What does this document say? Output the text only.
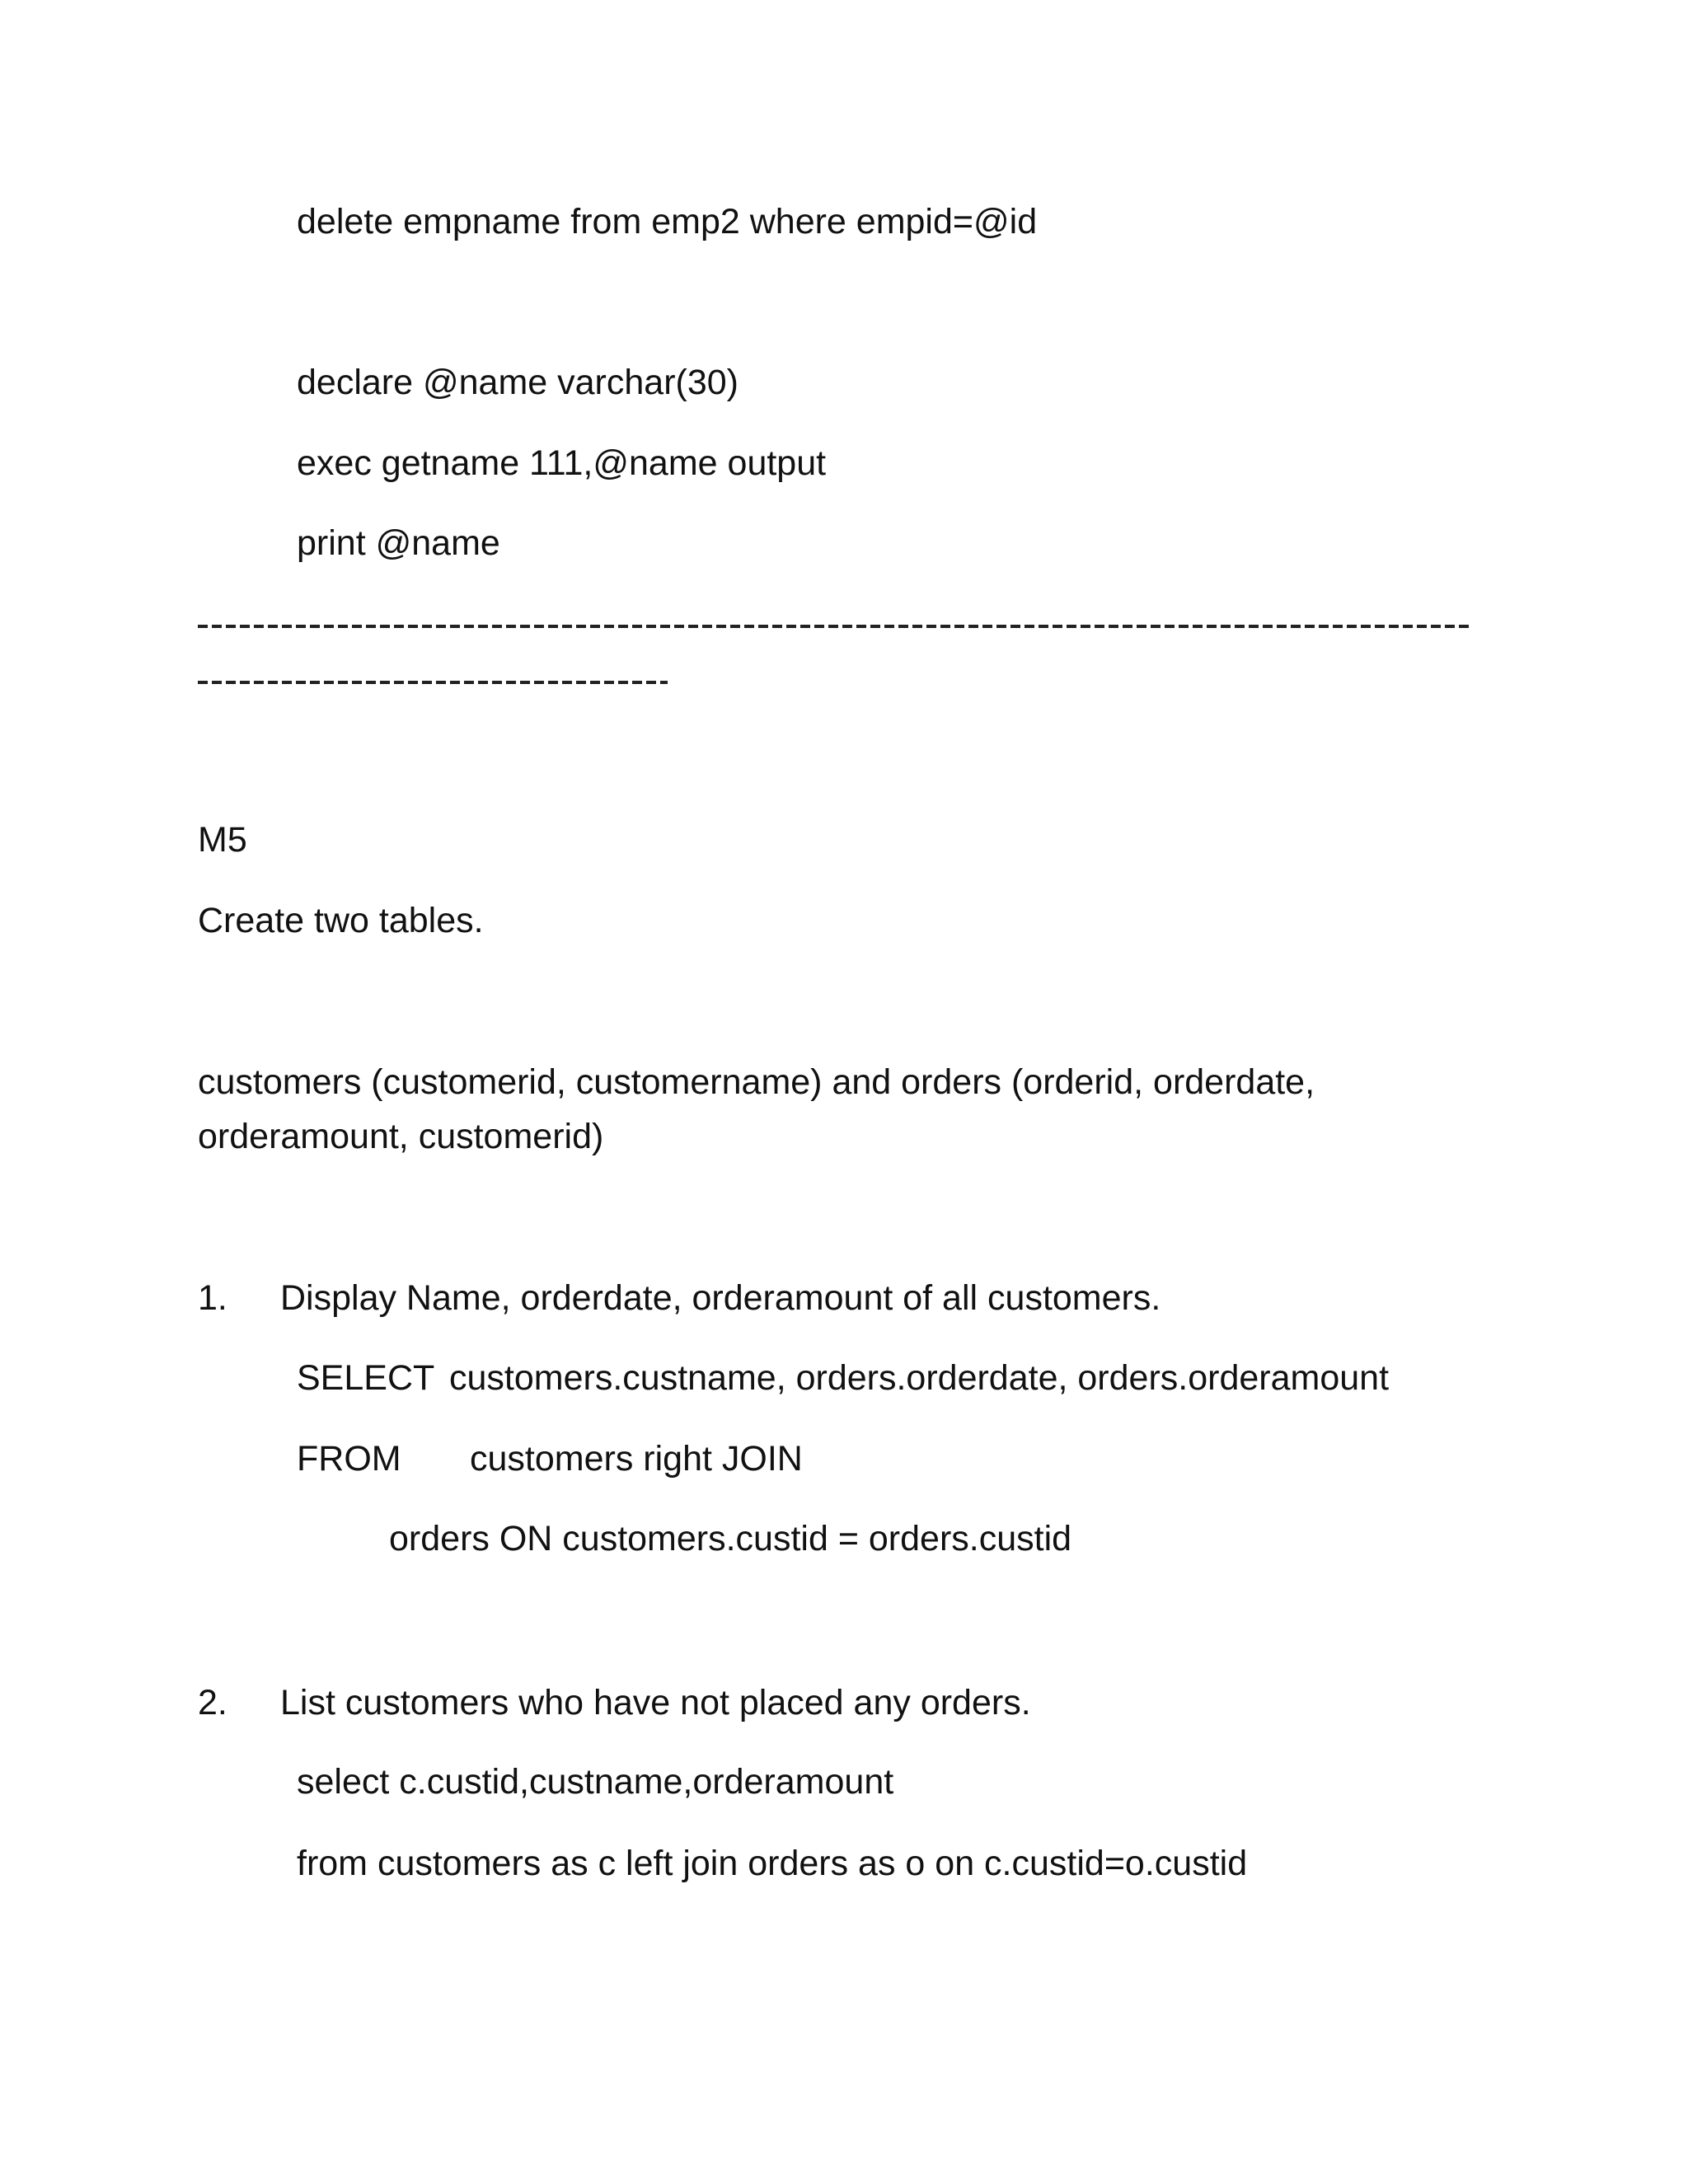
delete empname from emp2 where empid=@id
declare @name varchar(30)
exec getname 111,@name output
print @name
M5
Create two tables.
customers (customerid, customername) and orders (orderid, orderdate,
orderamount, customerid)
1. Display Name, orderdate, orderamount of all customers.
SELECT customers.custname, orders.orderdate, orders.orderamount
FROM customers right JOIN
orders ON customers.custid = orders.custid
2. List customers who have not placed any orders.
select c.custid,custname,orderamount
from customers as c left join orders as o on c.custid=o.custid
